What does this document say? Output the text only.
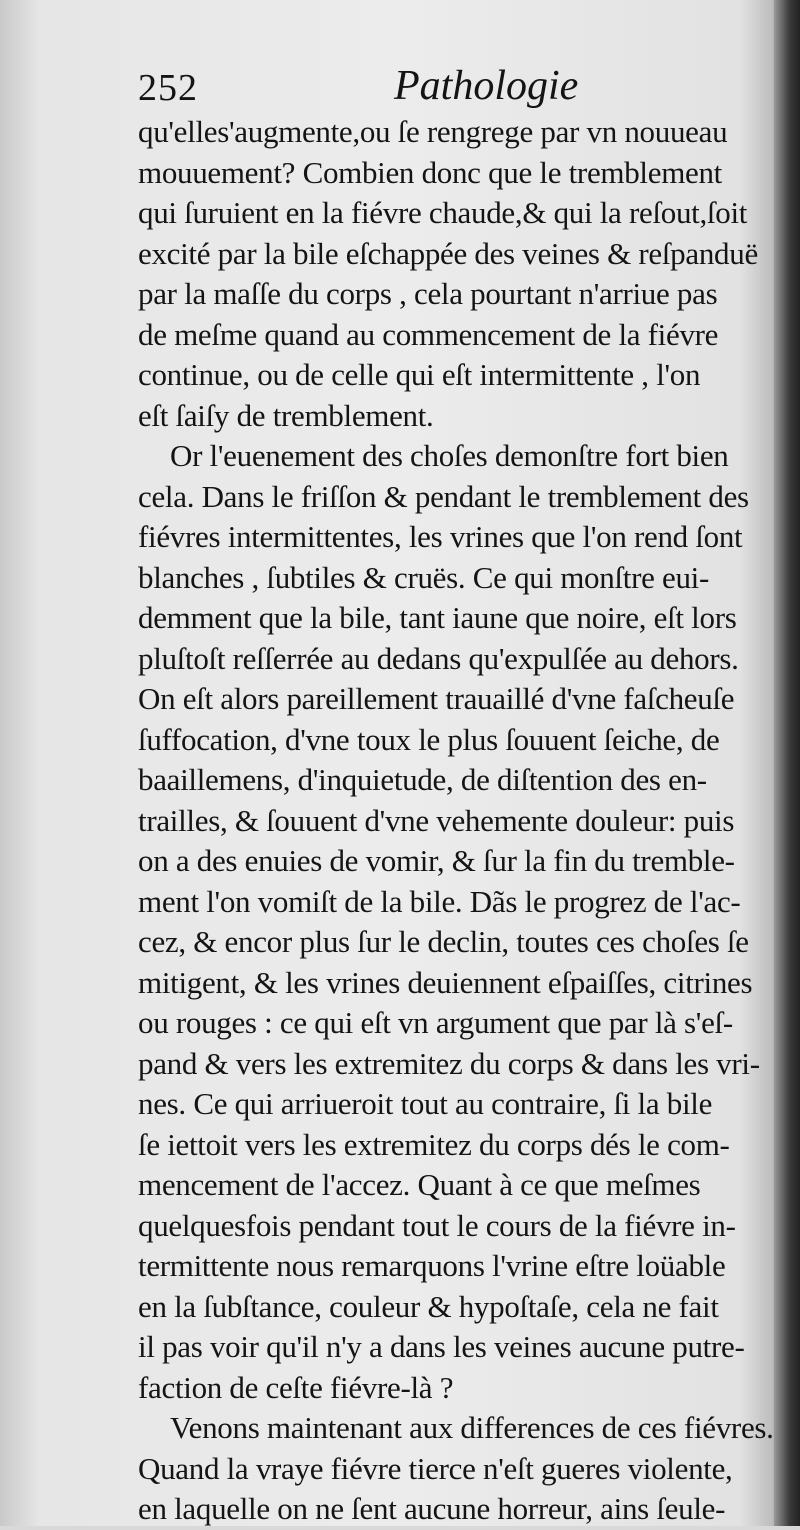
252	Pathologie
qu'elles'augmente,ou ſe rengrege par vn nouueau
mouuement? Combien donc que le tremblement
qui ſuruient en la fiévre chaude,& qui la reſout,ſoit
excité par la bile eſchappée des veines & reſpanduë
par la maſſe du corps , cela pourtant n'arriue pas
de meſme quand au commencement de la fiévre
continue, ou de celle qui eſt intermittente , l'on
eſt ſaiſy de tremblement.
Or l'euenement des choſes demonſtre fort bien
cela. Dans le friſſon & pendant le tremblement des
fiévres intermittentes, les vrines que l'on rend ſont
blanches , ſubtiles & cruës. Ce qui monſtre eui-
demment que la bile, tant iaune que noire, eſt lors
pluſtoſt reſſerrée au dedans qu'expulſée au dehors.
On eſt alors pareillement trauaillé d'vne faſcheuſe
ſuffocation, d'vne toux le plus ſouuent ſeiche, de
baaillemens, d'inquietude, de diſtention des en-
trailles, & ſouuent d'vne vehemente douleur: puis
on a des enuies de vomir, & ſur la fin du tremble-
ment l'on vomiſt de la bile. Dãs le progrez de l'ac-
cez, & encor plus ſur le declin, toutes ces choſes ſe
mitigent, & les vrines deuiennent eſpaiſſes, citrines
ou rouges : ce qui eſt vn argument que par là s'eſ-
pand & vers les extremitez du corps & dans les vri-
nes. Ce qui arriueroit tout au contraire, ſi la bile
ſe iettoit vers les extremitez du corps dés le com-
mencement de l'accez. Quant à ce que meſmes
quelquesfois pendant tout le cours de la fiévre in-
termittente nous remarquons l'vrine eſtre loüable
en la ſubſtance, couleur & hypoſtaſe, cela ne fait
il pas voir qu'il n'y a dans les veines aucune putre-
faction de ceſte fiévre-là ?
Venons maintenant aux differences de ces fiévres.
Quand la vraye fiévre tierce n'eſt gueres violente,
en laquelle on ne ſent aucune horreur, ains ſeule-
